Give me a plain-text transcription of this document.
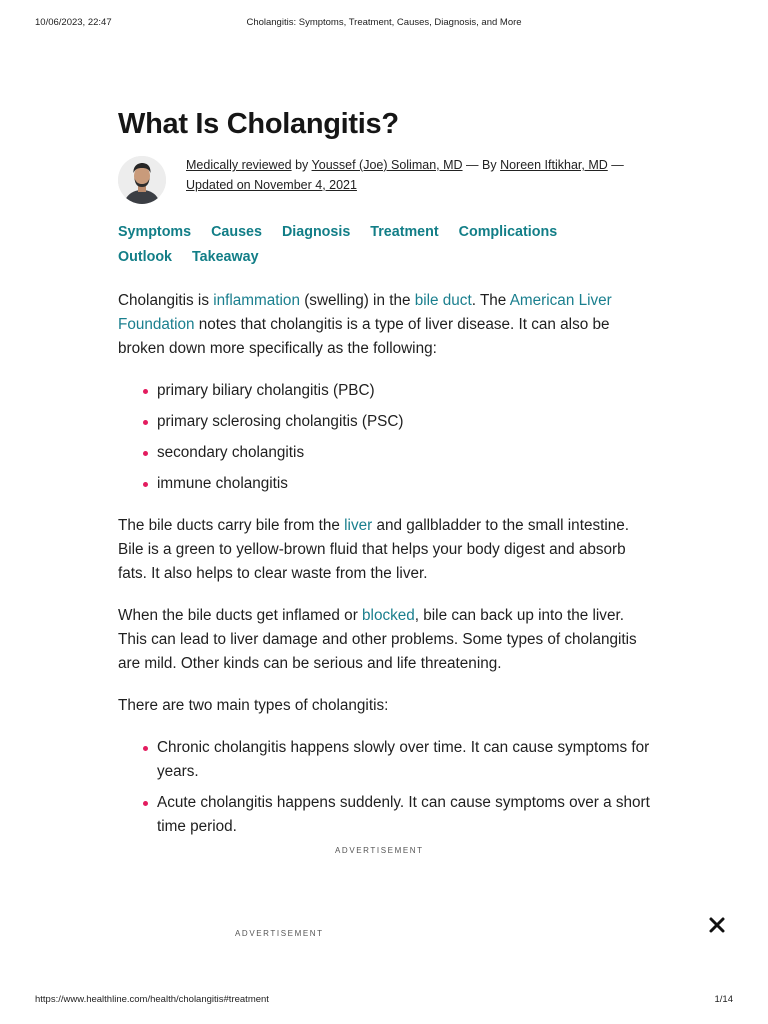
10/06/2023, 22:47	Cholangitis: Symptoms, Treatment, Causes, Diagnosis, and More
What Is Cholangitis?
Medically reviewed by Youssef (Joe) Soliman, MD — By Noreen Iftikhar, MD —
Updated on November 4, 2021
Symptoms Causes Diagnosis Treatment Complications
Outlook Takeaway

Cholangitis is inflammation (swelling) in the bile duct. The American Liver Foundation notes that cholangitis is a type of liver disease. It can also be broken down more specifically as the following:

primary biliary cholangitis (PBC)
primary sclerosing cholangitis (PSC)
secondary cholangitis
immune cholangitis

The bile ducts carry bile from the liver and gallbladder to the small intestine. Bile is a green to yellow-brown fluid that helps your body digest and absorb fats. It also helps to clear waste from the liver.

When the bile ducts get inflamed or blocked, bile can back up into the liver. This can lead to liver damage and other problems. Some types of cholangitis are mild. Other kinds can be serious and life threatening.

There are two main types of cholangitis:

Chronic cholangitis happens slowly over time. It can cause symptoms for years.
Acute cholangitis happens suddenly. It can cause symptoms over a short time period.
ADVERTISEMENT
ADVERTISEMENT
https://www.healthline.com/health/cholangitis#treatment	1/14
